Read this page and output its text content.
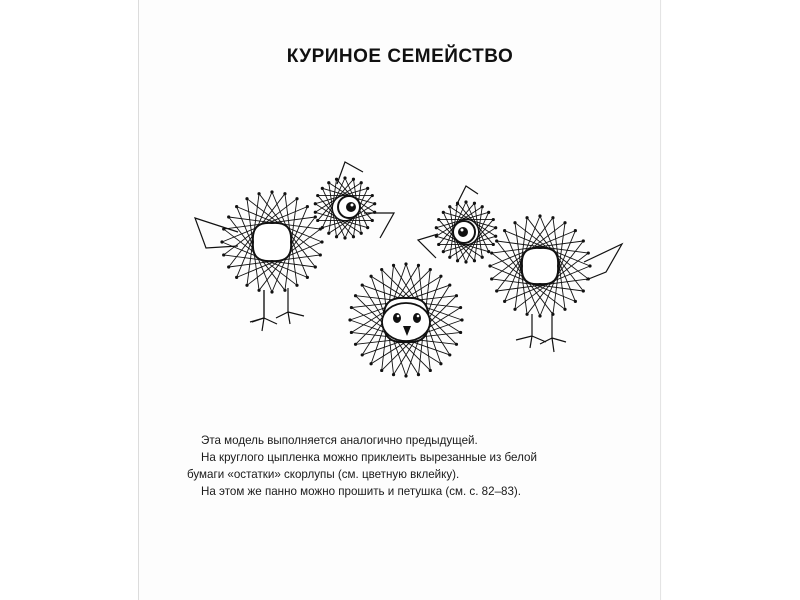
КУРИНОЕ СЕМЕЙСТВО

Эта модель выполняется аналогично предыдущей.

На круглого цыпленка можно приклеить вырезанные из белой

бумаги «остатки» скорлупы (см. цветную вклейку).

На этом же панно можно прошить и петушка (см. с. 82–83).
